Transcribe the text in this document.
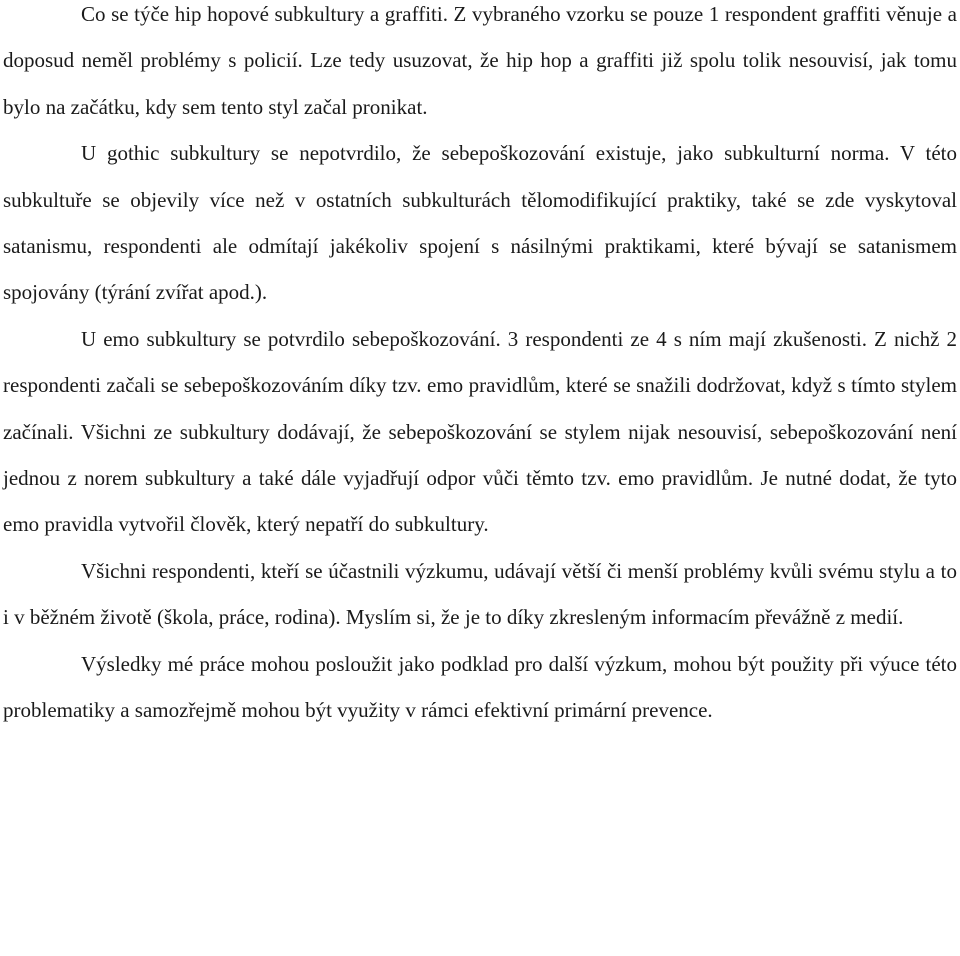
Co se týče hip hopové subkultury a graffiti. Z vybraného vzorku se pouze 1 respondent graffiti věnuje a doposud neměl problémy s policií. Lze tedy usuzovat, že hip hop a graffiti již spolu tolik nesouvisí, jak tomu bylo na začátku, kdy sem tento styl začal pronikat.

U gothic subkultury se nepotvrdilo, že sebepoškozování existuje, jako subkulturní norma. V této subkultuře se objevily více než v ostatních subkulturách tělomodifikující praktiky, také se zde vyskytoval satanismu, respondenti ale odmítají jakékoliv spojení s násilnými praktikami, které bývají se satanismem spojovány (týrání zvířat apod.).

U emo subkultury se potvrdilo sebepoškozování. 3 respondenti ze 4 s ním mají zkušenosti. Z nichž 2 respondenti začali se sebepoškozováním díky tzv. emo pravidlům, které se snažili dodržovat, když s tímto stylem začínali. Všichni ze subkultury dodávají, že sebepoškozování se stylem nijak nesouvisí, sebepoškozování není jednou z norem subkultury a také dále vyjadřují odpor vůči těmto tzv. emo pravidlům. Je nutné dodat, že tyto emo pravidla vytvořil člověk, který nepatří do subkultury.

Všichni respondenti, kteří se účastnili výzkumu, udávají větší či menší problémy kvůli svému stylu a to i v běžném životě (škola, práce, rodina). Myslím si, že je to díky zkresleným informacím převážně z medií.

Výsledky mé práce mohou posloužit jako podklad pro další výzkum, mohou být použity při výuce této problematiky a samozřejmě mohou být využity v rámci efektivní primární prevence.
